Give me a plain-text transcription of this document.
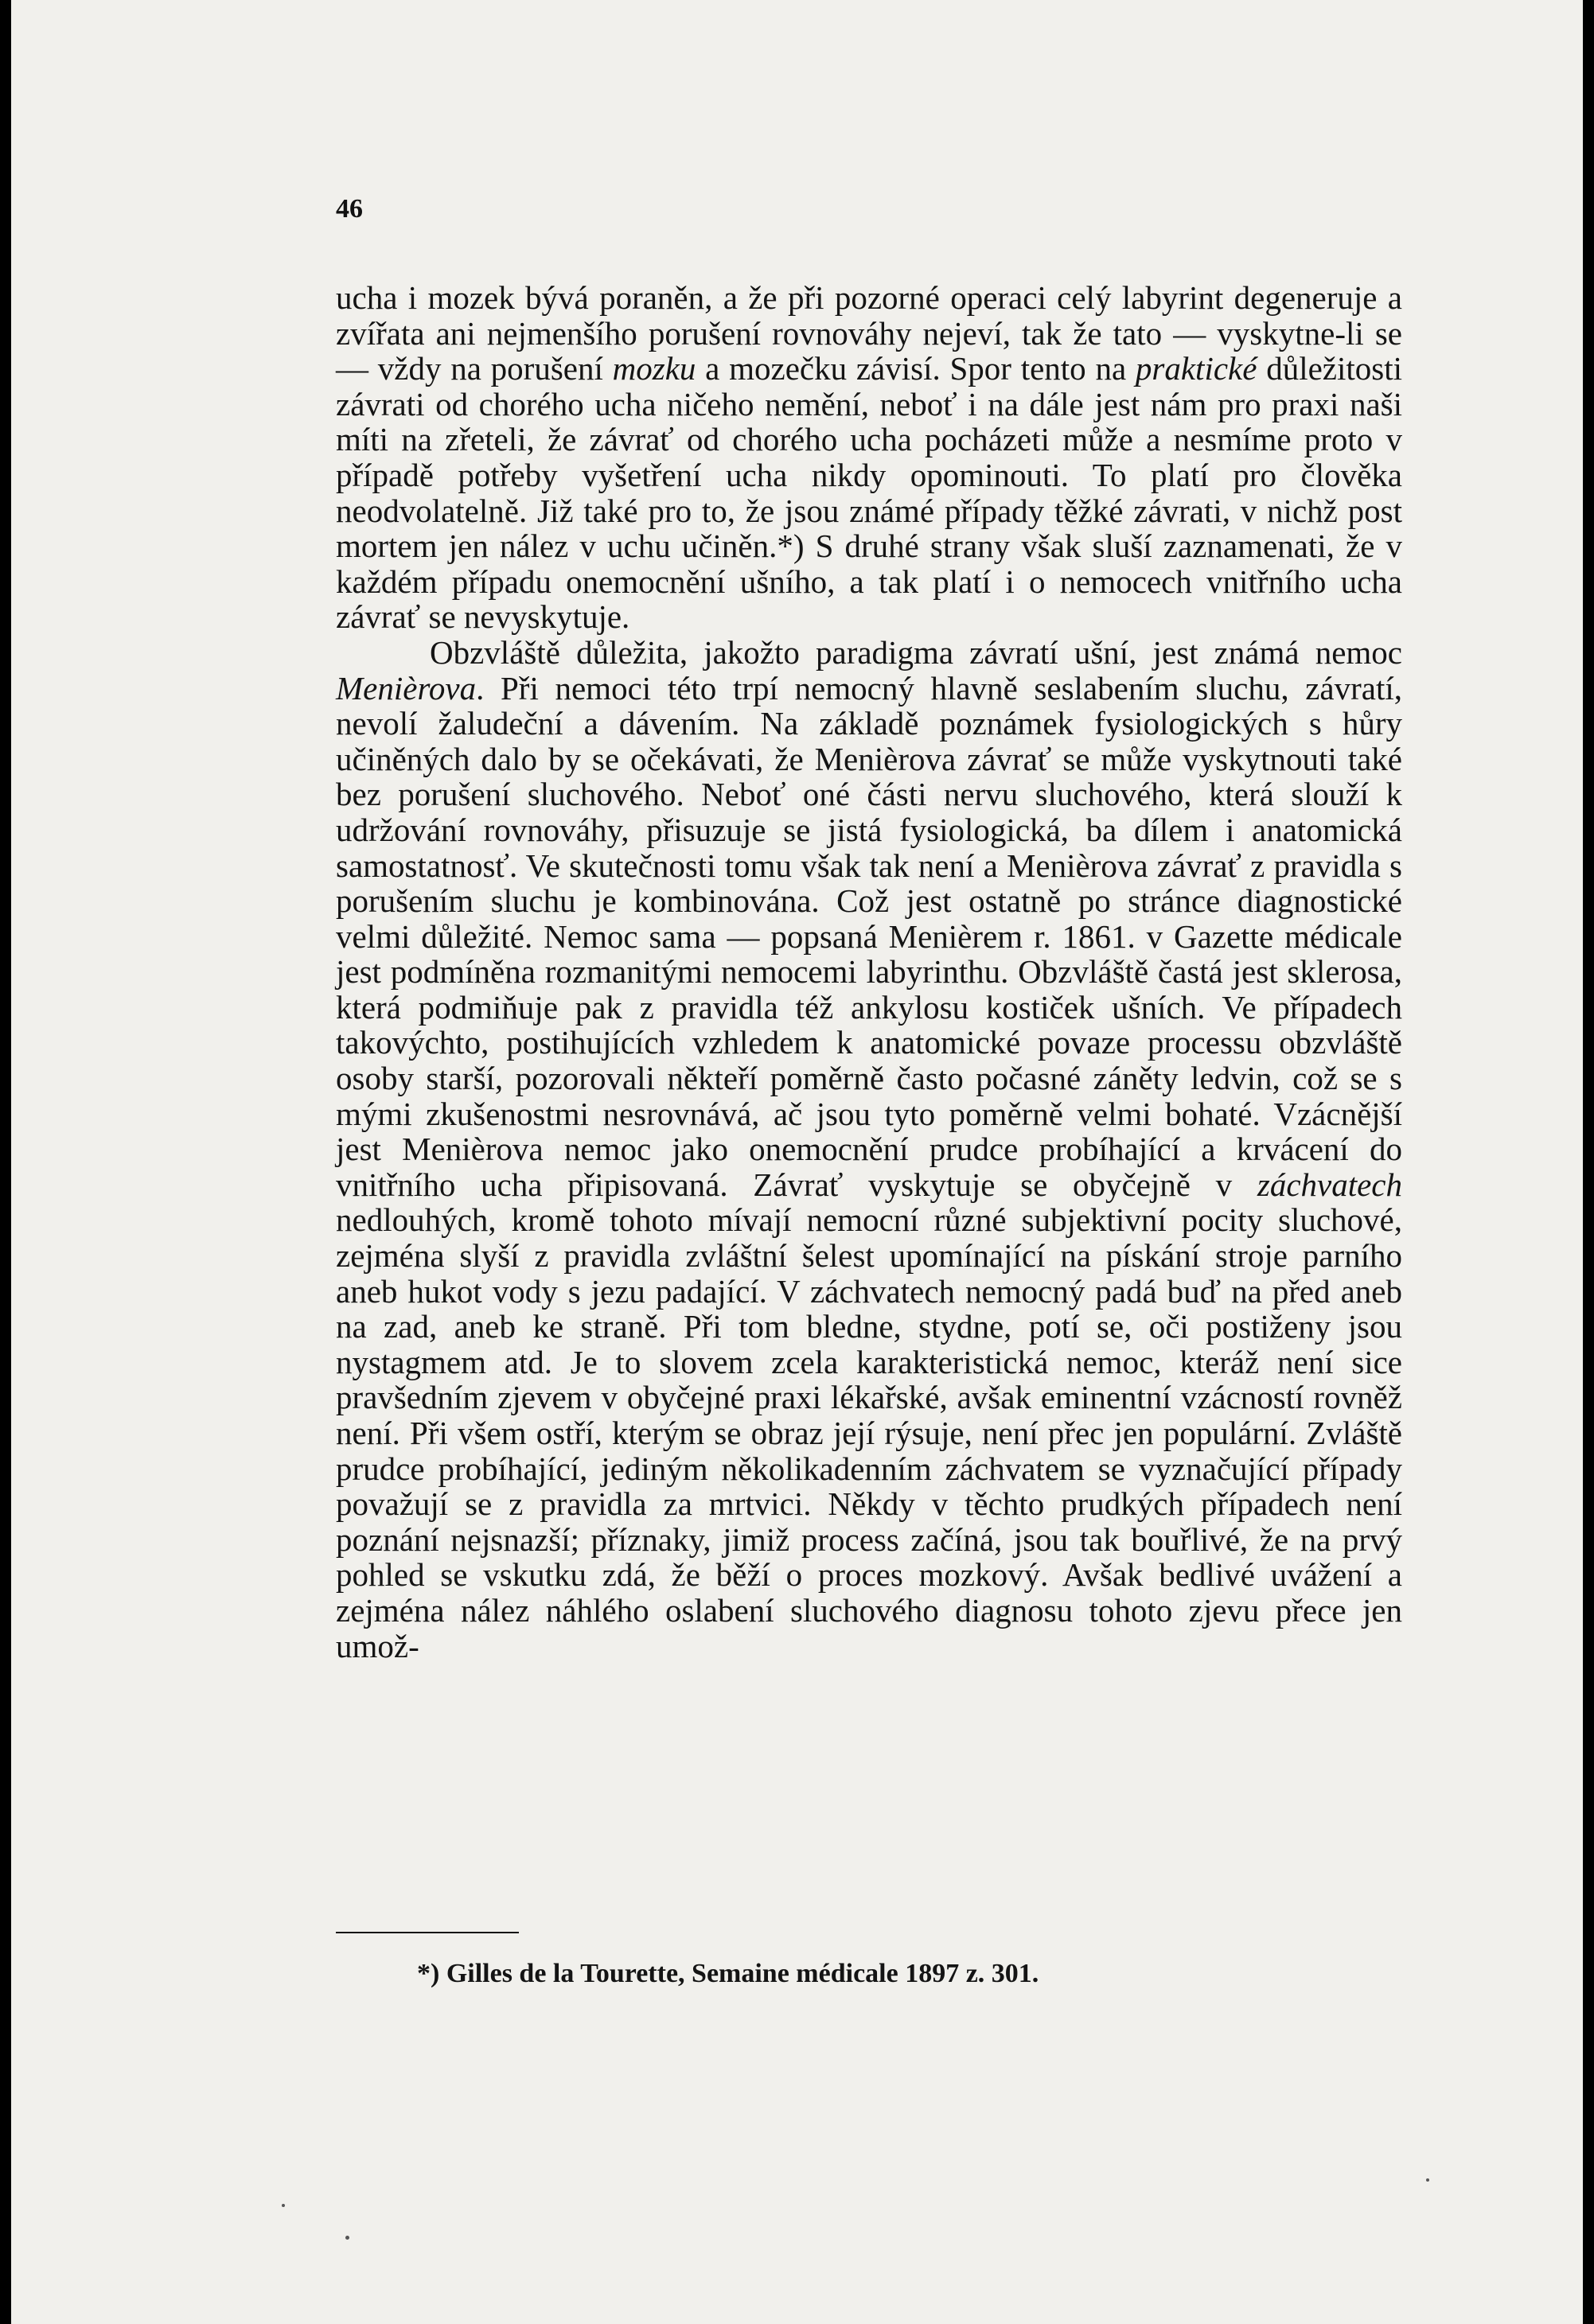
46

ucha i mozek bývá poraněn, a že při pozorné operaci celý labyrint degeneruje a zvířata ani nejmenšího porušení rovnováhy nejeví, tak že tato — vyskytne-li se — vždy na porušení mozku a mozečku závisí. Spor tento na praktické důležitosti závrati od chorého ucha ničeho nemění, neboť i na dále jest nám pro praxi naši míti na zřeteli, že závrať od chorého ucha pocházeti může a nesmíme proto v případě potřeby vyšetření ucha nikdy opominouti. To platí pro člověka neodvolatelně. Již také pro to, že jsou známé případy těžké závrati, v nichž post mortem jen nález v uchu učiněn.*) S druhé strany však sluší zaznamenati, že v každém případu onemocnění ušního, a tak platí i o nemocech vnitřního ucha závrať se nevyskytuje.

Obzvláště důležita, jakožto paradigma závratí ušní, jest známá nemoc Menièrova. Při nemoci této trpí nemocný hlavně seslabením sluchu, závratí, nevolí žaludeční a dávením. Na základě poznámek fysiologických s hůry učiněných dalo by se očekávati, že Menièrova závrať se může vyskytnouti také bez porušení sluchového. Neboť oné části nervu sluchového, která slouží k udržování rovnováhy, přisuzuje se jistá fysiologická, ba dílem i anatomická samostatnosť. Ve skutečnosti tomu však tak není a Menièrova závrať z pravidla s porušením sluchu je kombinována. Což jest ostatně po stránce diagnostické velmi důležité. Nemoc sama — popsaná Menièrem r. 1861. v Gazette médicale jest podmíněna rozmanitými nemocemi labyrinthu. Obzvláště častá jest sklerosa, která podmiňuje pak z pravidla též ankylosu kostiček ušních. Ve případech takovýchto, postihujících vzhledem k anatomické povaze processu obzvláště osoby starší, pozorovali někteří poměrně často počasné záněty ledvin, což se s mými zkušenostmi nesrovnává, ač jsou tyto poměrně velmi bohaté. Vzácnější jest Menièrova nemoc jako onemocnění prudce probíhající a krvácení do vnitřního ucha připisovaná. Závrať vyskytuje se obyčejně v záchvatech nedlouhých, kromě tohoto mívají nemocní různé subjektivní pocity sluchové, zejména slyší z pravidla zvláštní šelest upomínající na pískání stroje parního aneb hukot vody s jezu padající. V záchvatech nemocný padá buď na před aneb na zad, aneb ke straně. Při tom bledne, stydne, potí se, oči postiženy jsou nystagmem atd. Je to slovem zcela karakteristická nemoc, kteráž není sice pravšedním zjevem v obyčejné praxi lékařské, avšak eminentní vzácností rovněž není. Při všem ostří, kterým se obraz její rýsuje, není přec jen populární. Zvláště prudce probíhající, jediným několikadenním záchvatem se vyznačující případy považují se z pravidla za mrtvici. Někdy v těchto prudkých případech není poznání nejsnazší; příznaky, jimiž process začíná, jsou tak bouřlivé, že na prvý pohled se vskutku zdá, že běží o proces mozkový. Avšak bedlivé uvážení a zejména nález náhlého oslabení sluchového diagnosu tohoto zjevu přece jen umož-

*) Gilles de la Tourette, Semaine médicale 1897 z. 301.
